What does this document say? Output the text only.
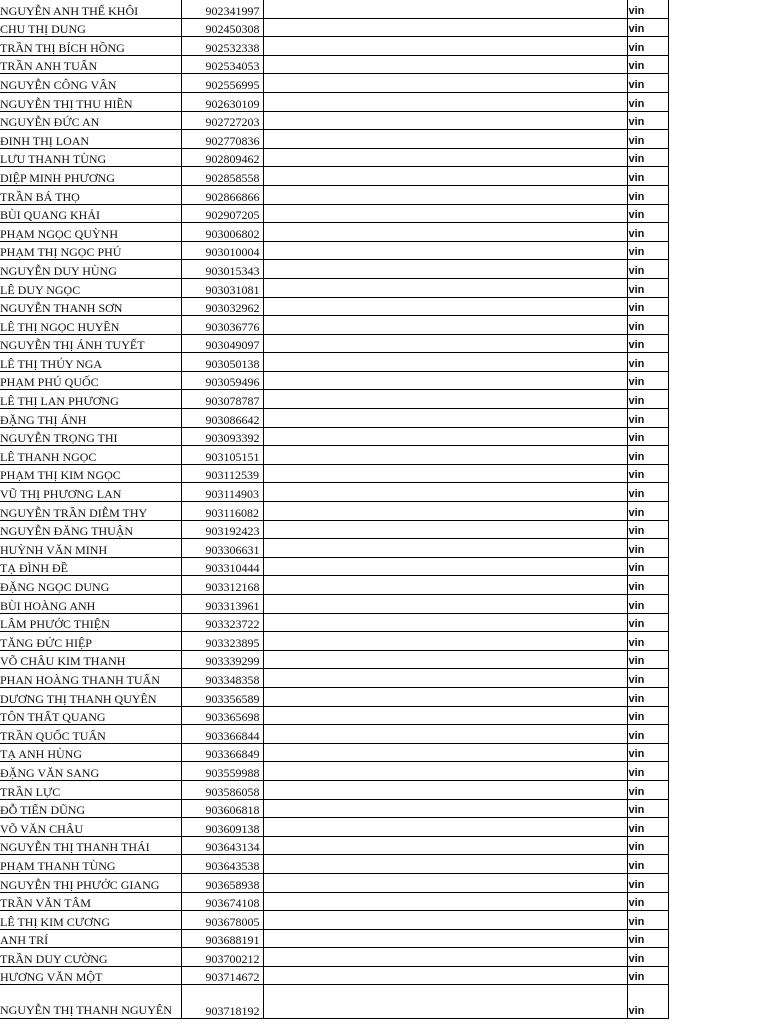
NGUYỄN ANH THẾ KHÔI	902341997		vin
CHU THỊ DUNG	902450308		vin
TRẦN THỊ BÍCH HỒNG	902532338		vin
TRẦN ANH TUẤN	902534053		vin
NGUYỄN CÔNG VÂN	902556995		vin
NGUYỄN THỊ THU HIỀN	902630109		vin
NGUYỄN ĐỨC AN	902727203		vin
ĐINH THỊ LOAN	902770836		vin
LƯU THANH TÙNG	902809462		vin
DIỆP MINH PHƯƠNG	902858558		vin
TRẦN BÁ THỌ	902866866		vin
BÙI QUANG KHẢI	902907205		vin
PHẠM NGỌC QUỲNH	903006802		vin
PHẠM THỊ NGỌC PHÚ	903010004		vin
NGUYỄN DUY HÙNG	903015343		vin
LÊ DUY NGỌC	903031081		vin
NGUYỄN THANH SƠN	903032962		vin
LÊ THỊ NGỌC HUYỀN	903036776		vin
NGUYỄN THỊ ÁNH TUYẾT	903049097		vin
LÊ THỊ THÚY NGA	903050138		vin
PHẠM PHÚ QUỐC	903059496		vin
LÊ THỊ LAN PHƯƠNG	903078787		vin
ĐẶNG THỊ ÁNH	903086642		vin
NGUYỄN TRỌNG THI	903093392		vin
LÊ THANH NGỌC	903105151		vin
PHẠM THỊ KIM NGỌC	903112539		vin
VŨ THỊ PHƯƠNG LAN	903114903		vin
NGUYỄN TRẦN DIỄM THY	903116082		vin
NGUYỄN ĐĂNG THUẬN	903192423		vin
HUỲNH VĂN MINH	903306631		vin
TẠ ĐÌNH ĐỀ	903310444		vin
ĐẶNG NGỌC DUNG	903312168		vin
BÙI HOÀNG ANH	903313961		vin
LÂM PHƯỚC THIỆN	903323722		vin
TĂNG ĐỨC HIỆP	903323895		vin
VÕ CHÂU KIM THANH	903339299		vin
PHAN HOÀNG THANH TUẤN	903348358		vin
DƯƠNG THỊ THANH QUYÊN	903356589		vin
TÔN THẤT QUANG	903365698		vin
TRẦN QUỐC TUẤN	903366844		vin
TẠ ANH HÙNG	903366849		vin
ĐẶNG VĂN SANG	903559988		vin
TRẦN LỰC	903586058		vin
ĐỖ TIẾN DŨNG	903606818		vin
VÕ VĂN CHÂU	903609138		vin
NGUYỄN THỊ THANH THÁI	903643134		vin
PHẠM THANH TÙNG	903643538		vin
NGUYỄN THỊ PHƯỚC GIANG	903658938		vin
TRẦN VĂN TÂM	903674108		vin
LÊ THỊ KIM CƯƠNG	903678005		vin
ANH TRÍ	903688191		vin
TRẦN DUY CƯỜNG	903700212		vin
HƯƠNG VĂN MỘT	903714672		vin
NGUYỄN THỊ THANH NGUYÊN	903718192		vin
